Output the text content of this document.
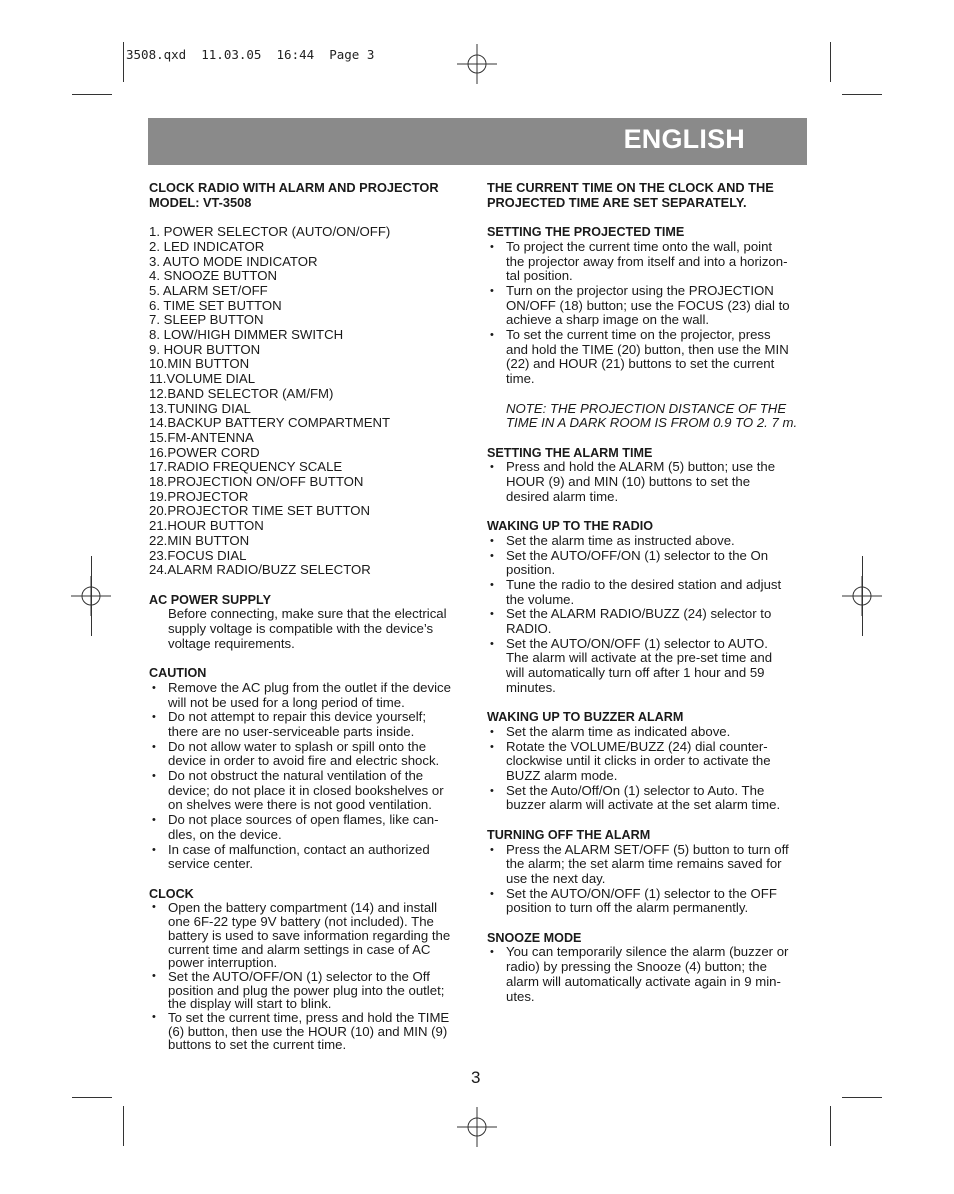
3508.qxd  11.03.05  16:44  Page 3
ENGLISH
CLOCK RADIO WITH ALARM AND PROJECTOR
MODEL: VT-3508
1. POWER SELECTOR (AUTO/ON/OFF)
2. LED INDICATOR
3. AUTO MODE INDICATOR
4. SNOOZE BUTTON
5. ALARM SET/OFF
6. TIME SET BUTTON
7. SLEEP BUTTON
8. LOW/HIGH DIMMER SWITCH
9. HOUR BUTTON
10.MIN BUTTON
11.VOLUME DIAL
12.BAND SELECTOR (AM/FM)
13.TUNING DIAL
14.BACKUP BATTERY COMPARTMENT
15.FM-ANTENNA
16.POWER CORD
17.RADIO FREQUENCY SCALE
18.PROJECTION ON/OFF BUTTON
19.PROJECTOR
20.PROJECTOR TIME SET BUTTON
21.HOUR BUTTON
22.MIN BUTTON
23.FOCUS DIAL
24.ALARM RADIO/BUZZ SELECTOR
AC POWER SUPPLY
Before connecting, make sure that the electrical
supply voltage is compatible with the device’s
voltage requirements.
CAUTION
• Remove the AC plug from the outlet if the device
will not be used for a long period of time.
• Do not attempt to repair this device yourself;
there are no user-serviceable parts inside.
• Do not allow water to splash or spill onto the
device in order to avoid fire and electric shock.
• Do not obstruct the natural ventilation of the
device; do not place it in closed bookshelves or
on shelves were there is not good ventilation.
• Do not place sources of open flames, like can-
dles, on the device.
• In case of malfunction, contact an authorized
service center.
CLOCK
• Open the battery compartment (14) and install
one 6F-22 type 9V battery (not included). The
battery is used to save information regarding the
current time and alarm settings in case of AC
power interruption.
• Set the AUTO/OFF/ON (1) selector to the Off
position and plug the power plug into the outlet;
the display will start to blink.
• To set the current time, press and hold the TIME
(6) button, then use the HOUR (10) and MIN (9)
buttons to set the current time.
THE CURRENT TIME ON THE CLOCK AND THE
PROJECTED TIME ARE SET SEPARATELY.
SETTING THE PROJECTED TIME
• To project the current time onto the wall, point
the projector away from itself and into a horizon-
tal position.
• Turn on the projector using the PROJECTION
ON/OFF (18) button; use the FOCUS (23) dial to
achieve a sharp image on the wall.
• To set the current time on the projector, press
and hold the TIME (20) button, then use the MIN
(22) and HOUR (21) buttons to set the current
time.
NOTE: THE PROJECTION DISTANCE OF THE
TIME IN A DARK ROOM IS FROM 0.9 TO 2. 7 m.
SETTING THE ALARM TIME
• Press and hold the ALARM (5) button; use the
HOUR (9) and MIN (10) buttons to set the
desired alarm time.
WAKING UP TO THE RADIO
• Set the alarm time as instructed above.
• Set the AUTO/OFF/ON (1) selector to the On
position.
• Tune the radio to the desired station and adjust
the volume.
• Set the ALARM RADIO/BUZZ (24) selector to
RADIO.
• Set the AUTO/ON/OFF (1) selector to AUTO.
The alarm will activate at the pre-set time and
will automatically turn off after 1 hour and 59
minutes.
WAKING UP TO BUZZER ALARM
• Set the alarm time as indicated above.
• Rotate the VOLUME/BUZZ (24) dial counter-
clockwise until it clicks in order to activate the
BUZZ alarm mode.
• Set the Auto/Off/On (1) selector to Auto. The
buzzer alarm will activate at the set alarm time.
TURNING OFF THE ALARM
• Press the ALARM SET/OFF (5) button to turn off
the alarm; the set alarm time remains saved for
use the next day.
• Set the AUTO/ON/OFF (1) selector to the OFF
position to turn off the alarm permanently.
SNOOZE MODE
• You can temporarily silence the alarm (buzzer or
radio) by pressing the Snooze (4) button; the
alarm will automatically activate again in 9 min-
utes.
3
